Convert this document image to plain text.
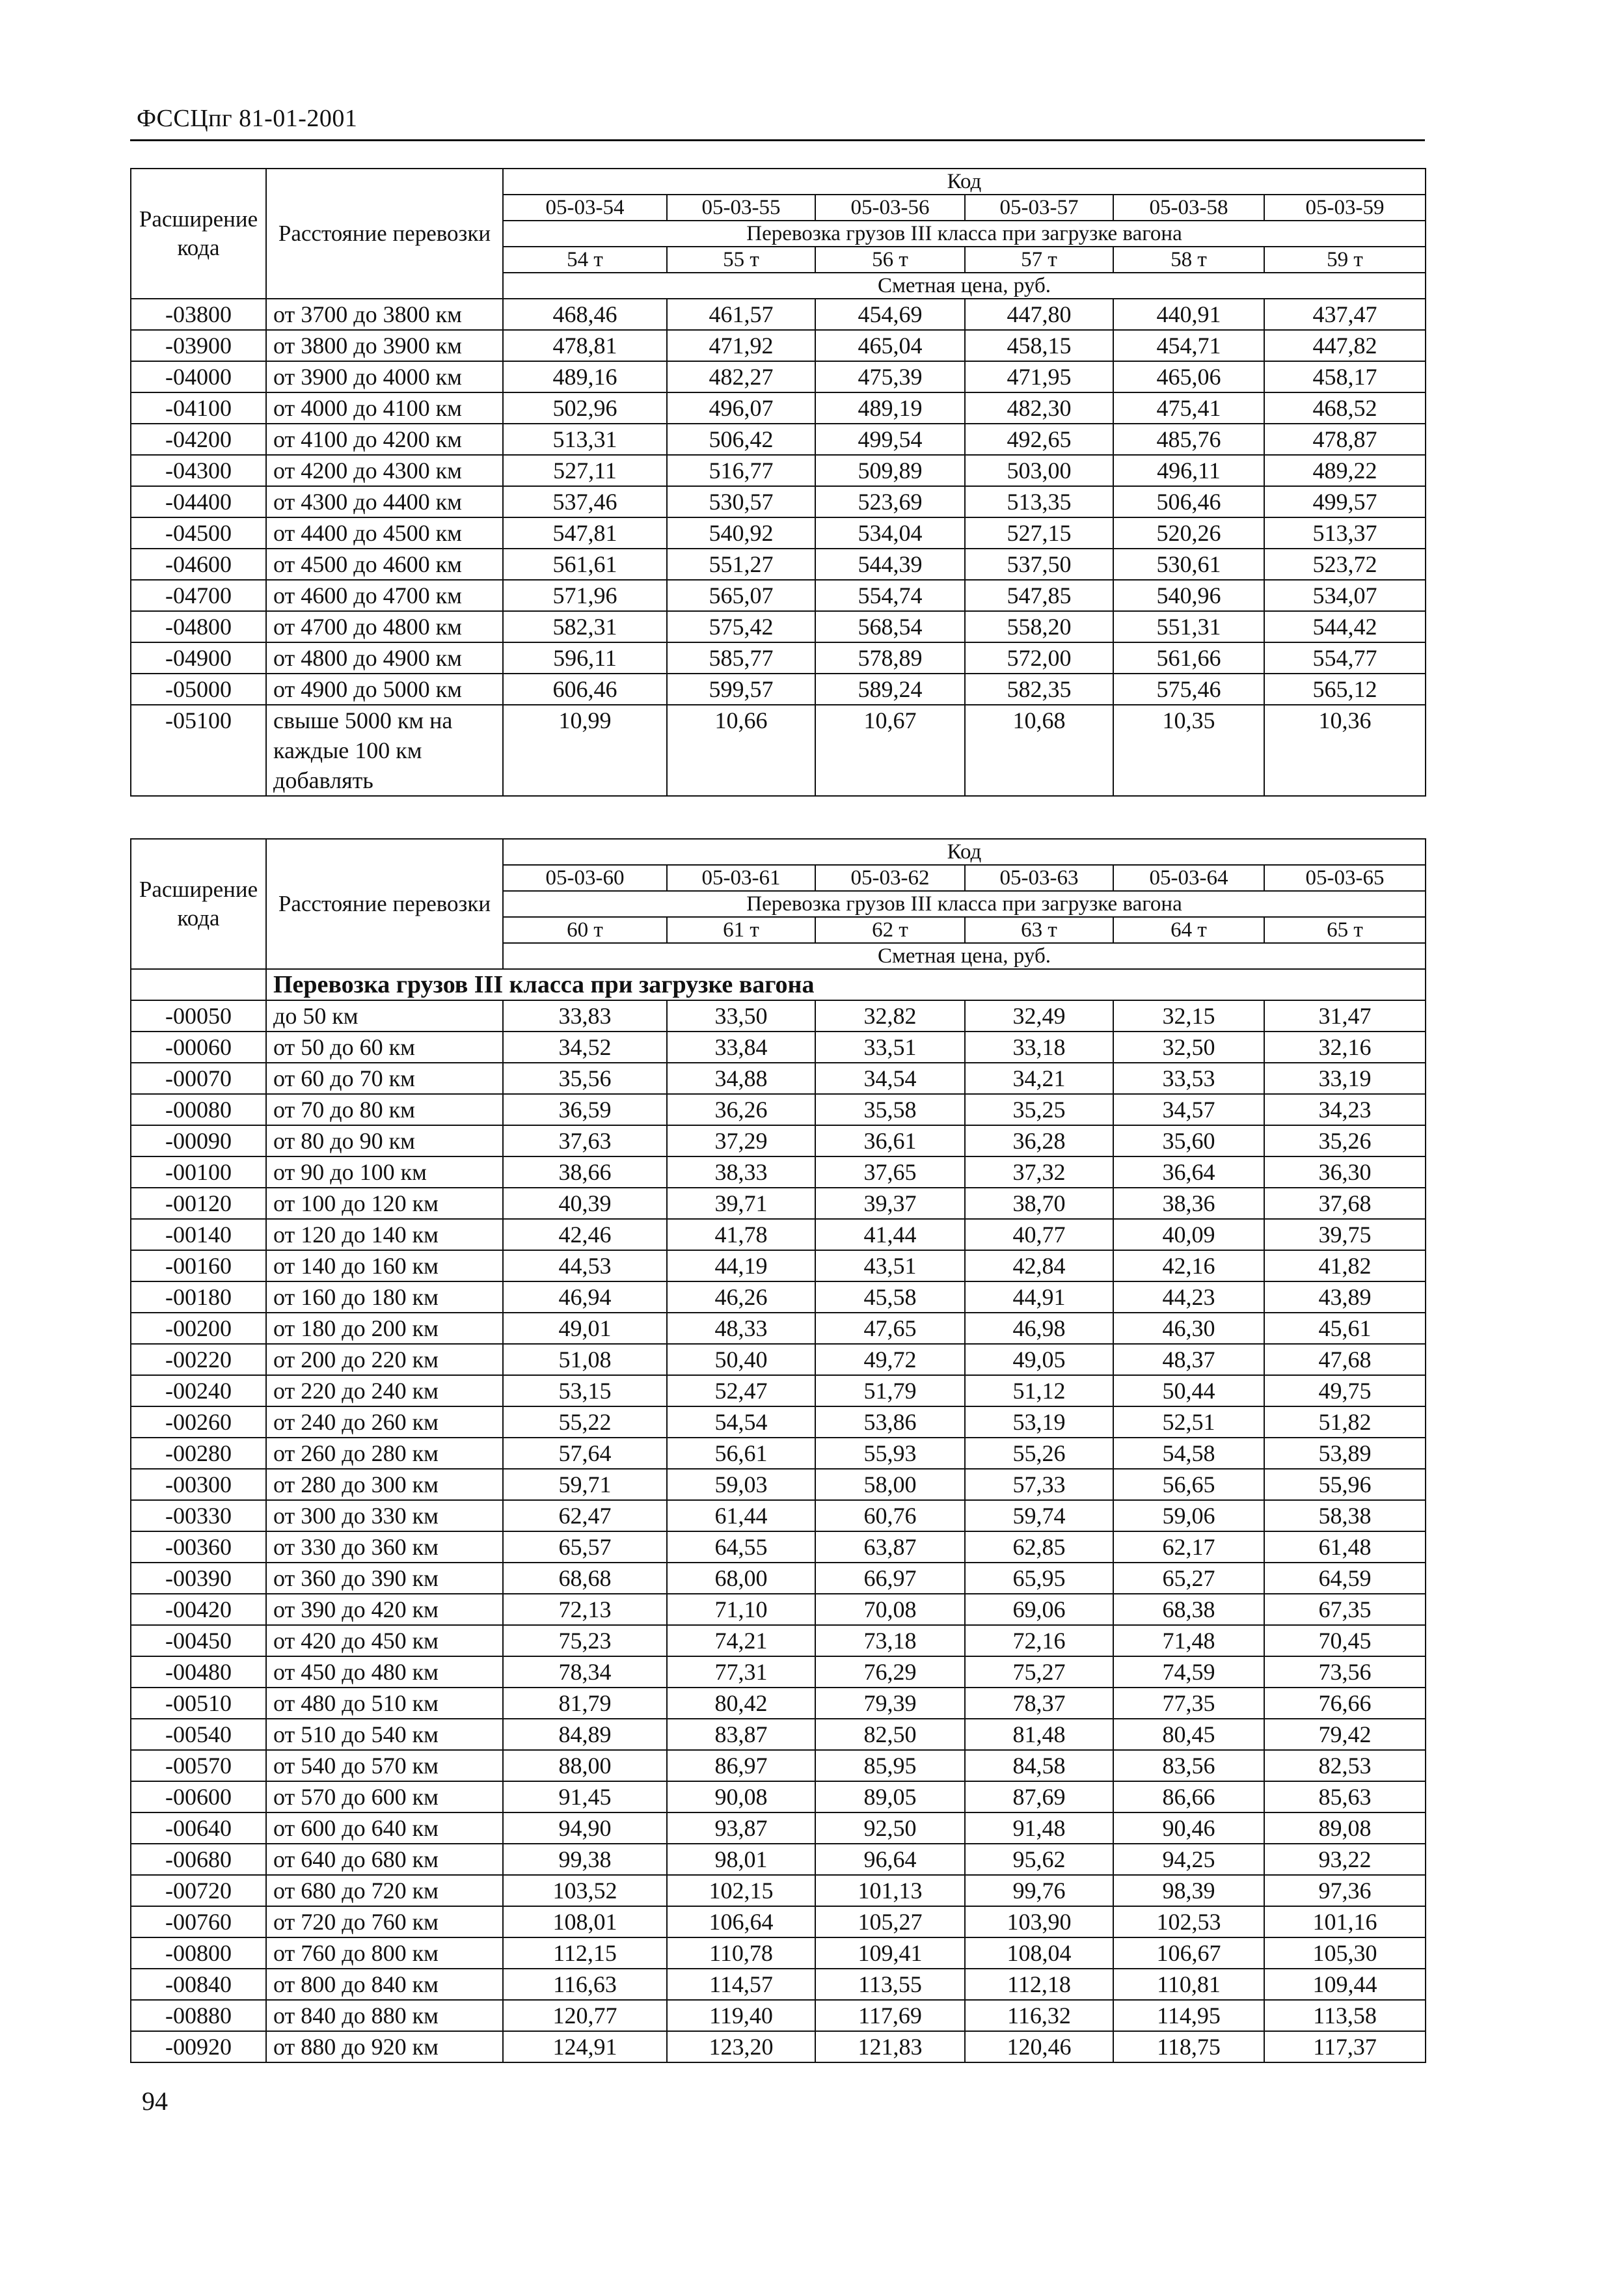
ФССЦпг 81-01-2001
Расширение кода	Расстояние перевозки	Код					
		05-03-54	05-03-55	05-03-56	05-03-57	05-03-58	05-03-59
		Перевозка грузов III класса при загрузке вагона					
		54 т	55 т	56 т	57 т	58 т	59 т
		Сметная цена, руб.					
-03800	от 3700 до 3800 км	468,46	461,57	454,69	447,80	440,91	437,47
-03900	от 3800 до 3900 км	478,81	471,92	465,04	458,15	454,71	447,82
-04000	от 3900 до 4000 км	489,16	482,27	475,39	471,95	465,06	458,17
-04100	от 4000 до 4100 км	502,96	496,07	489,19	482,30	475,41	468,52
-04200	от 4100 до 4200 км	513,31	506,42	499,54	492,65	485,76	478,87
-04300	от 4200 до 4300 км	527,11	516,77	509,89	503,00	496,11	489,22
-04400	от 4300 до 4400 км	537,46	530,57	523,69	513,35	506,46	499,57
-04500	от 4400 до 4500 км	547,81	540,92	534,04	527,15	520,26	513,37
-04600	от 4500 до 4600 км	561,61	551,27	544,39	537,50	530,61	523,72
-04700	от 4600 до 4700 км	571,96	565,07	554,74	547,85	540,96	534,07
-04800	от 4700 до 4800 км	582,31	575,42	568,54	558,20	551,31	544,42
-04900	от 4800 до 4900 км	596,11	585,77	578,89	572,00	561,66	554,77
-05000	от 4900 до 5000 км	606,46	599,57	589,24	582,35	575,46	565,12
-05100	свыше 5000 км на каждые 100 км добавлять	10,99	10,66	10,67	10,68	10,35	10,36
Расширение кода	Расстояние перевозки	Код					
		05-03-60	05-03-61	05-03-62	05-03-63	05-03-64	05-03-65
		Перевозка грузов III класса при загрузке вагона					
		60 т	61 т	62 т	63 т	64 т	65 т
		Сметная цена, руб.					
	Перевозка грузов III класса при загрузке вагона						
-00050	до 50 км	33,83	33,50	32,82	32,49	32,15	31,47
-00060	от 50 до 60 км	34,52	33,84	33,51	33,18	32,50	32,16
-00070	от 60 до 70 км	35,56	34,88	34,54	34,21	33,53	33,19
-00080	от 70 до 80 км	36,59	36,26	35,58	35,25	34,57	34,23
-00090	от 80 до 90 км	37,63	37,29	36,61	36,28	35,60	35,26
-00100	от 90 до 100 км	38,66	38,33	37,65	37,32	36,64	36,30
-00120	от 100 до 120 км	40,39	39,71	39,37	38,70	38,36	37,68
-00140	от 120 до 140 км	42,46	41,78	41,44	40,77	40,09	39,75
-00160	от 140 до 160 км	44,53	44,19	43,51	42,84	42,16	41,82
-00180	от 160 до 180 км	46,94	46,26	45,58	44,91	44,23	43,89
-00200	от 180 до 200 км	49,01	48,33	47,65	46,98	46,30	45,61
-00220	от 200 до 220 км	51,08	50,40	49,72	49,05	48,37	47,68
-00240	от 220 до 240 км	53,15	52,47	51,79	51,12	50,44	49,75
-00260	от 240 до 260 км	55,22	54,54	53,86	53,19	52,51	51,82
-00280	от 260 до 280 км	57,64	56,61	55,93	55,26	54,58	53,89
-00300	от 280 до 300 км	59,71	59,03	58,00	57,33	56,65	55,96
-00330	от 300 до 330 км	62,47	61,44	60,76	59,74	59,06	58,38
-00360	от 330 до 360 км	65,57	64,55	63,87	62,85	62,17	61,48
-00390	от 360 до 390 км	68,68	68,00	66,97	65,95	65,27	64,59
-00420	от 390 до 420 км	72,13	71,10	70,08	69,06	68,38	67,35
-00450	от 420 до 450 км	75,23	74,21	73,18	72,16	71,48	70,45
-00480	от 450 до 480 км	78,34	77,31	76,29	75,27	74,59	73,56
-00510	от 480 до 510 км	81,79	80,42	79,39	78,37	77,35	76,66
-00540	от 510 до 540 км	84,89	83,87	82,50	81,48	80,45	79,42
-00570	от 540 до 570 км	88,00	86,97	85,95	84,58	83,56	82,53
-00600	от 570 до 600 км	91,45	90,08	89,05	87,69	86,66	85,63
-00640	от 600 до 640 км	94,90	93,87	92,50	91,48	90,46	89,08
-00680	от 640 до 680 км	99,38	98,01	96,64	95,62	94,25	93,22
-00720	от 680 до 720 км	103,52	102,15	101,13	99,76	98,39	97,36
-00760	от 720 до 760 км	108,01	106,64	105,27	103,90	102,53	101,16
-00800	от 760 до 800 км	112,15	110,78	109,41	108,04	106,67	105,30
-00840	от 800 до 840 км	116,63	114,57	113,55	112,18	110,81	109,44
-00880	от 840 до 880 км	120,77	119,40	117,69	116,32	114,95	113,58
-00920	от 880 до 920 км	124,91	123,20	121,83	120,46	118,75	117,37
94
